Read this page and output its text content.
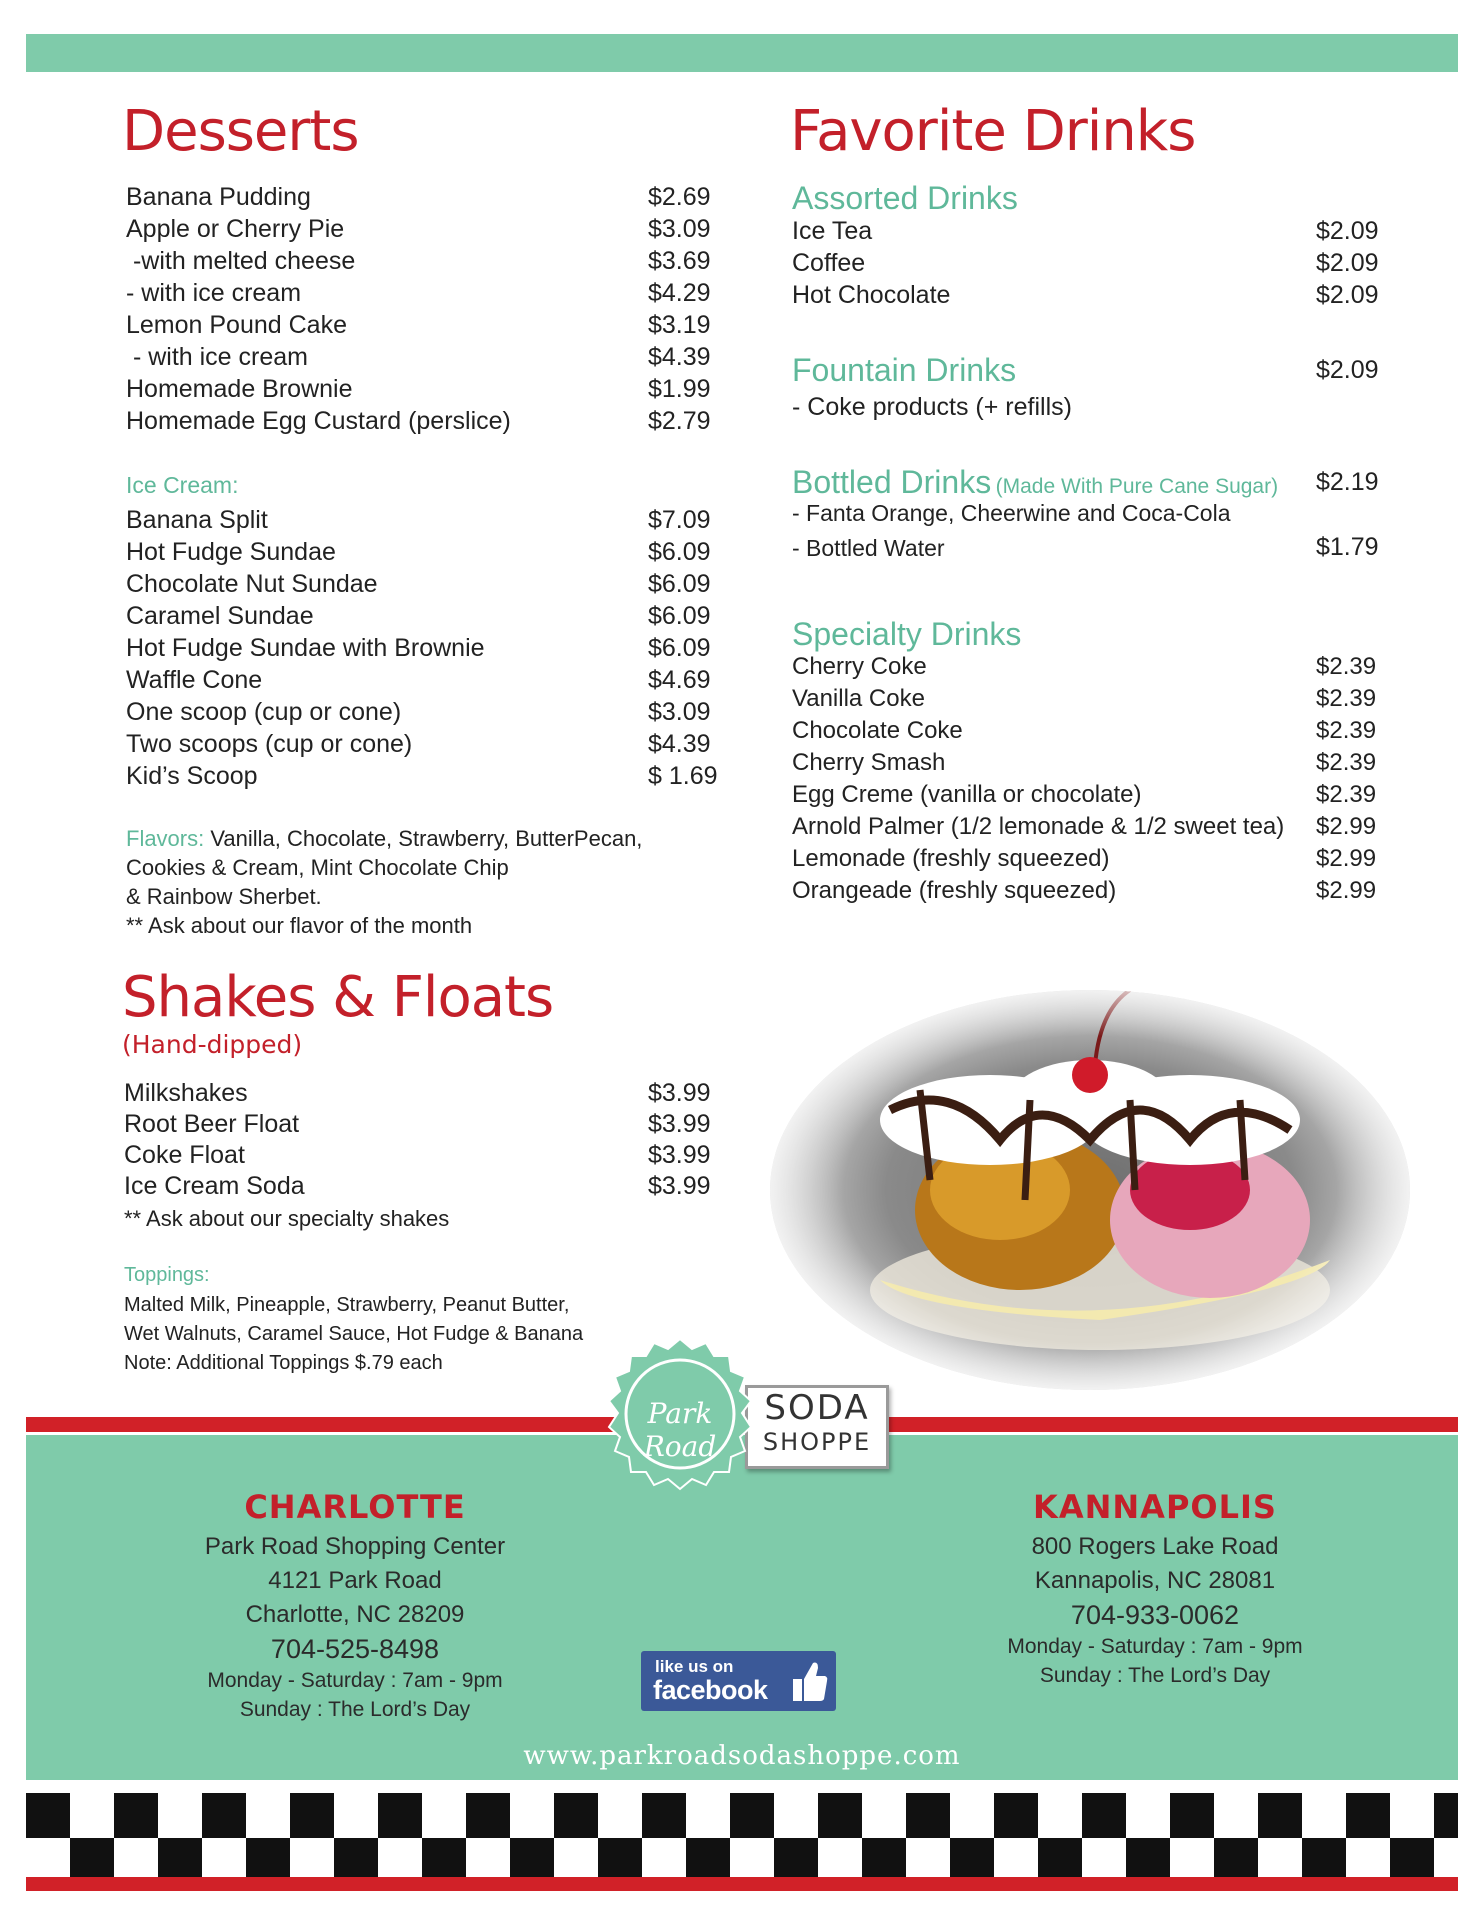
Desserts
Banana Pudding	$2.69
Apple or Cherry Pie	$3.09
-with melted cheese	$3.69
- with ice cream	$4.29
Lemon Pound Cake	$3.19
- with ice cream	$4.39
Homemade Brownie	$1.99
Homemade Egg Custard (perslice)	$2.79
Ice Cream:
Banana Split	$7.09
Hot Fudge Sundae	$6.09
Chocolate Nut Sundae	$6.09
Caramel Sundae	$6.09
Hot Fudge Sundae with Brownie	$6.09
Waffle Cone	$4.69
One scoop (cup or cone)	$3.09
Two scoops (cup or cone)	$4.39
Kid’s Scoop	$ 1.69
Flavors: Vanilla, Chocolate, Strawberry, ButterPecan,
Cookies & Cream, Mint Chocolate Chip
& Rainbow Sherbet.
** Ask about our flavor of the month
Shakes & Floats
(Hand-dipped)
Milkshakes	$3.99
Root Beer Float	$3.99
Coke Float	$3.99
Ice Cream Soda	$3.99
** Ask about our specialty shakes
Toppings:
Malted Milk, Pineapple, Strawberry, Peanut Butter,
Wet Walnuts, Caramel Sauce, Hot Fudge & Banana
Note: Additional Toppings $.79 each
Favorite Drinks
Assorted Drinks
Ice Tea	$2.09
Coffee	$2.09
Hot Chocolate	$2.09
Fountain Drinks	$2.09
- Coke products (+ refills)
Bottled Drinks (Made With Pure Cane Sugar) $2.19
- Fanta Orange, Cheerwine and Coca-Cola
- Bottled Water	$1.79
Specialty Drinks
Cherry Coke	$2.39
Vanilla Coke	$2.39
Chocolate Coke	$2.39
Cherry Smash	$2.39
Egg Creme (vanilla or chocolate)	$2.39
Arnold Palmer (1/2 lemonade & 1/2 sweet tea) $2.99
Lemonade (freshly squeezed)	$2.99
Orangeade (freshly squeezed)	$2.99
SODA
SHOPPE
Park Road
CHARLOTTE
Park Road Shopping Center
4121 Park Road
Charlotte, NC 28209
704-525-8498
Monday - Saturday : 7am - 9pm
Sunday : The Lord’s Day
KANNAPOLIS
800 Rogers Lake Road
Kannapolis, NC 28081
704-933-0062
Monday - Saturday : 7am - 9pm
Sunday : The Lord’s Day
like us on
facebook
www.parkroadsodashoppe.com
